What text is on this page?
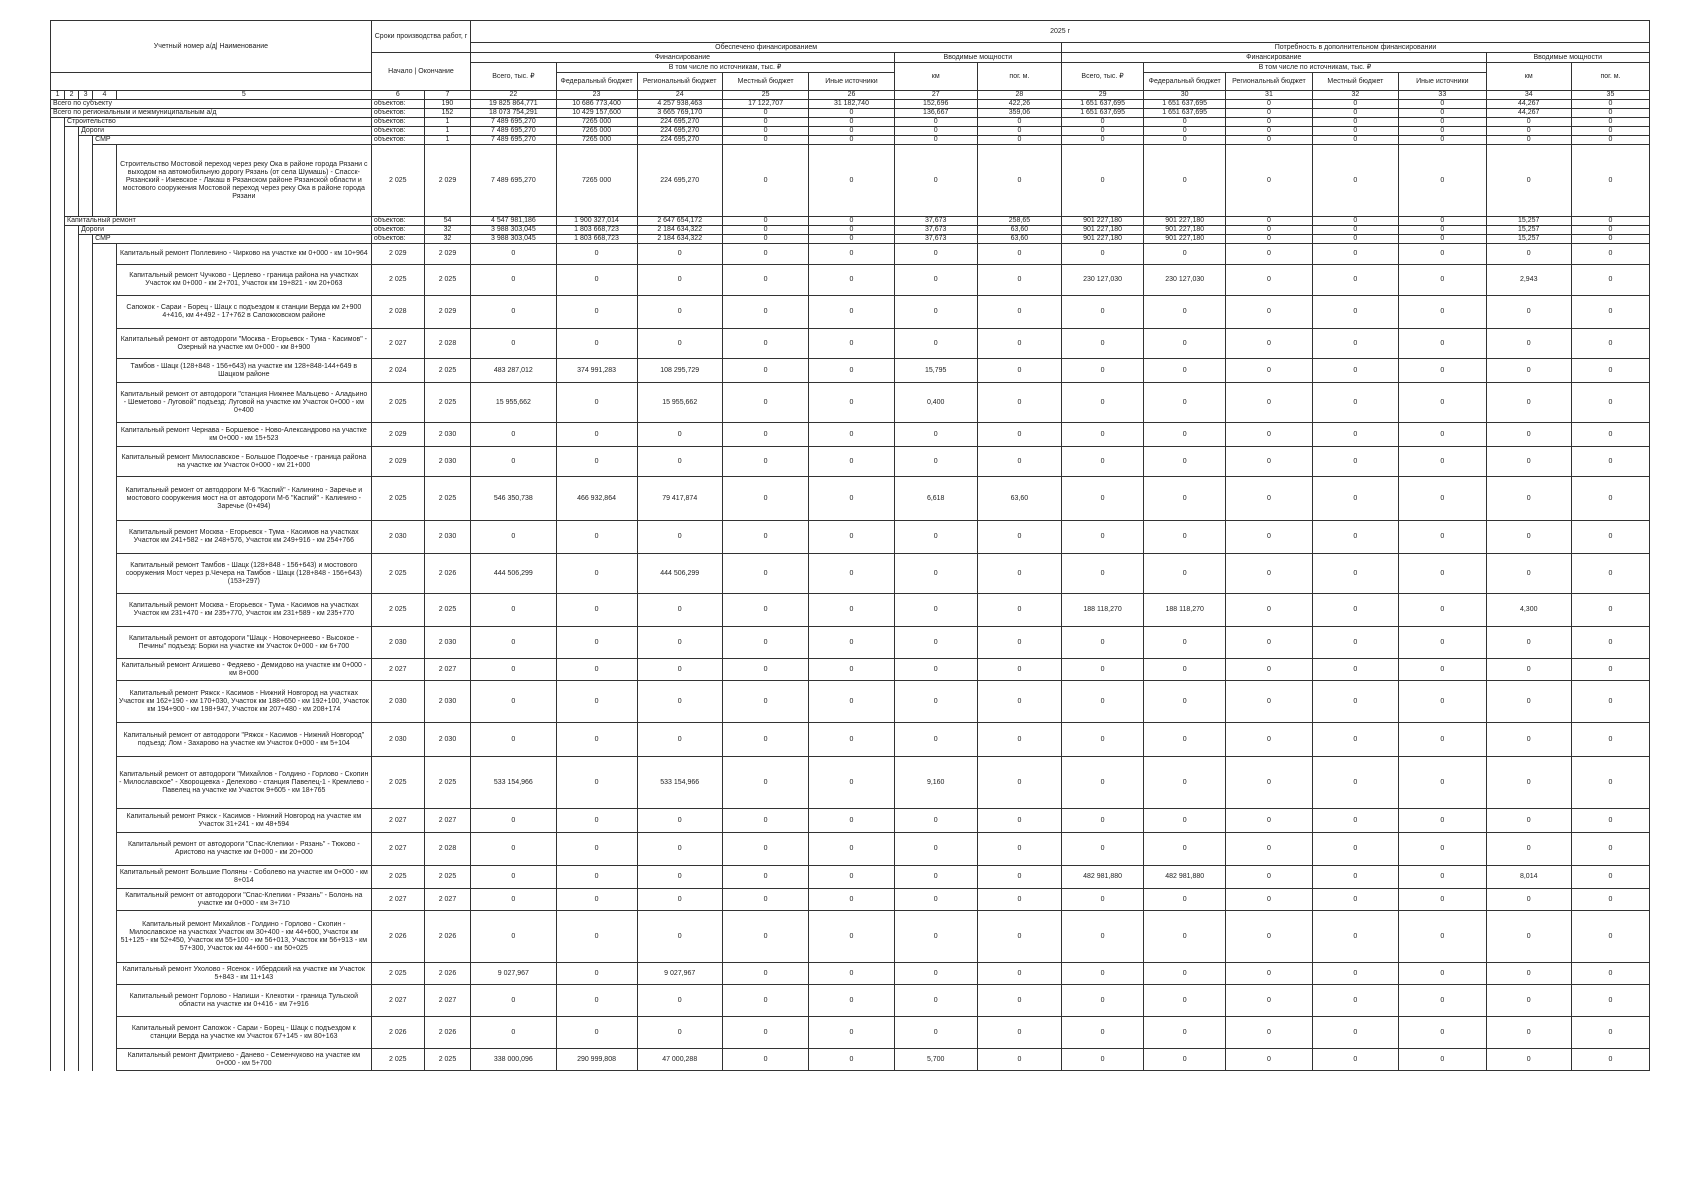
Учетный номер а/д| Наименование					Сроки производства работ, г		2025 г													
							Обеспечено финансированием							Потребность в дополнительном финансировании						
					Начало | Окончание		Финансирование					Вводимые мощности		Финансирование					Вводимые мощности	
							Всего, тыс. ₽	В том числе по источникам, тыс. ₽				км	пог. м.	Всего, тыс. ₽	В том числе по источникам, тыс. ₽				км	пог. м.
								Федеральный бюджет	Региональный бюджет	Местный бюджет	Иные источники				Федеральный бюджет	Региональный бюджет	Местный бюджет	Иные источники		
1	2	3	4	5	6	7	22	23	24	25	26	27	28	29	30	31	32	33	34	35
Всего по субъекту					объектов:	190	19 825 864,771	10 686 773,400	4 257 938,463	17 122,707	31 182,740	152,696	422,26	1 651 637,695	1 651 637,695	0	0	0	44,267	0
Всего по региональным и межмуниципальным а/д					объектов:	152	18 073 754,291	10 429 157,600	3 665 769,170	0	0	136,667	359,06	1 651 637,695	1 651 637,695	0	0	0	44,267	0
	Строительство				объектов:	1	7 489 695,270	7265 000	224 695,270	0	0	0	0	0	0	0	0	0	0	0
		Дороги			объектов:	1	7 489 695,270	7265 000	224 695,270	0	0	0	0	0	0	0	0	0	0	0
			СМР		объектов:	1	7 489 695,270	7265 000	224 695,270	0	0	0	0	0	0	0	0	0	0	0
				Строительство Мостовой переход через реку Ока в районе города Рязани с выходом на автомобильную дорогу Рязань (от села Шумашь) - Спасск-Рязанский - Ижевское - Лакаш в Рязанском районе Рязанской области и мостового сооружения Мостовой переход через реку Ока в районе города Рязани	2 025	2 029	7 489 695,270	7265 000	224 695,270	0	0	0	0	0	0	0	0	0	0	0
	Капитальный ремонт				объектов:	54	4 547 981,186	1 900 327,014	2 647 654,172	0	0	37,673	258,65	901 227,180	901 227,180	0	0	0	15,257	0
		Дороги			объектов:	32	3 988 303,045	1 803 668,723	2 184 634,322	0	0	37,673	63,60	901 227,180	901 227,180	0	0	0	15,257	0
			СМР		объектов:	32	3 988 303,045	1 803 668,723	2 184 634,322	0	0	37,673	63,60	901 227,180	901 227,180	0	0	0	15,257	0
				Капитальный ремонт Поллевино - Чирково на участке км 0+000 - км 10+964	2 029	2 029	0	0	0	0	0	0	0	0	0	0	0	0	0	0
				Капитальный ремонт Чучково - Церлево - граница района на участках Участок км 0+000 - км 2+701, Участок км 19+821 - км 20+063	2 025	2 025	0	0	0	0	0	0	0	230 127,030	230 127,030	0	0	0	2,943	0
				Сапожок - Сараи - Борец - Шацк с подъездом к станции Верда км 2+900 4+416, км 4+492 - 17+762 в Сапожковском районе	2 028	2 029	0	0	0	0	0	0	0	0	0	0	0	0	0	0
				Капитальный ремонт от автодороги "Москва - Егорьевск - Тума - Касимов" - Озерный на участке км 0+000 - км 8+900	2 027	2 028	0	0	0	0	0	0	0	0	0	0	0	0	0	0
				Тамбов - Шацк (128+848 - 156+643) на участке км 128+848-144+649 в Шацком районе	2 024	2 025	483 287,012	374 991,283	108 295,729	0	0	15,795	0	0	0	0	0	0	0	0
				Капитальный ремонт от автодороги "станция Нижнее Мальцево - Аладьино - Шеметово - Луговой" подъезд: Луговой на участке км Участок 0+000 - км 0+400	2 025	2 025	15 955,662	0	15 955,662	0	0	0,400	0	0	0	0	0	0	0	0
				Капитальный ремонт Чернава - Боршевое - Ново-Александрово на участке км 0+000 - км 15+523	2 029	2 030	0	0	0	0	0	0	0	0	0	0	0	0	0	0
				Капитальный ремонт Милославское - Большое Подоечье - граница района на участке км Участок 0+000 - км 21+000	2 029	2 030	0	0	0	0	0	0	0	0	0	0	0	0	0	0
				Капитальный ремонт от автодороги М-6 "Каспий" - Калинино - Заречье и мостового сооружения мост на от автодороги М-6 "Каспий" - Калинино - Заречье (0+494)	2 025	2 025	546 350,738	466 932,864	79 417,874	0	0	6,618	63,60	0	0	0	0	0	0	0
				Капитальный ремонт Москва - Егорьевск - Тума - Касимов на участках Участок км 241+582 - км 248+576, Участок км 249+916 - км 254+766	2 030	2 030	0	0	0	0	0	0	0	0	0	0	0	0	0	0
				Капитальный ремонт Тамбов - Шацк (128+848 - 156+643) и мостового сооружения Мост через р.Чечера на Тамбов - Шацк (128+848 - 156+643) (153+297)	2 025	2 026	444 506,299	0	444 506,299	0	0	0	0	0	0	0	0	0	0	0
				Капитальный ремонт Москва - Егорьевск - Тума - Касимов на участках Участок км 231+470 - км 235+770, Участок км 231+589 - км 235+770	2 025	2 025	0	0	0	0	0	0	0	188 118,270	188 118,270	0	0	0	4,300	0
				Капитальный ремонт от автодороги "Шацк - Новочернеево - Высокое - Печины" подъезд: Борки на участке км Участок 0+000 - км 6+700	2 030	2 030	0	0	0	0	0	0	0	0	0	0	0	0	0	0
				Капитальный ремонт Агишево - Федяево - Демидово на участке км 0+000 - км 8+000	2 027	2 027	0	0	0	0	0	0	0	0	0	0	0	0	0	0
				Капитальный ремонт Ряжск - Касимов - Нижний Новгород на участках Участок км 162+190 - км 170+030, Участок км 188+650 - км 192+100, Участок км 194+900 - км 198+947, Участок км 207+480 - км 208+174	2 030	2 030	0	0	0	0	0	0	0	0	0	0	0	0	0	0
				Капитальный ремонт от автодороги "Ряжск - Касимов - Нижний Новгород" подъезд: Лом - Захарово на участке км Участок 0+000 - км 5+104	2 030	2 030	0	0	0	0	0	0	0	0	0	0	0	0	0	0
				Капитальный ремонт от автодороги "Михайлов - Голдино - Горлово - Скопин - Милославское" - Хворощевка - Делехово - станция Павелец-1 - Кремлево - Павелец на участке км Участок 9+605 - км 18+765	2 025	2 025	533 154,966	0	533 154,966	0	0	9,160	0	0	0	0	0	0	0	0
				Капитальный ремонт Ряжск - Касимов - Нижний Новгород на участке км Участок 31+241 - км 48+594	2 027	2 027	0	0	0	0	0	0	0	0	0	0	0	0	0	0
				Капитальный ремонт от автодороги "Спас-Клепики - Рязань" - Тюково - Аристово на участке км 0+000 - км 20+000	2 027	2 028	0	0	0	0	0	0	0	0	0	0	0	0	0	0
				Капитальный ремонт Большие Поляны - Соболево на участке км 0+000 - км 8+014	2 025	2 025	0	0	0	0	0	0	0	482 981,880	482 981,880	0	0	0	8,014	0
				Капитальный ремонт от автодороги "Спас-Клепики - Рязань" - Болонь на участке км 0+000 - км 3+710	2 027	2 027	0	0	0	0	0	0	0	0	0	0	0	0	0	0
				Капитальный ремонт Михайлов - Голдино - Горлово - Скопин - Милославское на участках Участок км 30+400 - км 44+600, Участок км 51+125 - км 52+450, Участок км 55+100 - км 56+013, Участок км 56+913 - км 57+300, Участок км 44+600 - км 50+025	2 026	2 026	0	0	0	0	0	0	0	0	0	0	0	0	0	0
				Капитальный ремонт Ухолово - Ясенок - Ибердский на участке км Участок 5+843 - км 11+143	2 025	2 026	9 027,967	0	9 027,967	0	0	0	0	0	0	0	0	0	0	0
				Капитальный ремонт Горлово - Напиши - Клекотки - граница Тульской области на участке км 0+416 - км 7+916	2 027	2 027	0	0	0	0	0	0	0	0	0	0	0	0	0	0
				Капитальный ремонт Сапожок - Сараи - Борец - Шацк с подъездом к станции Верда на участке км Участок 67+145 - км 80+163	2 026	2 026	0	0	0	0	0	0	0	0	0	0	0	0	0	0
				Капитальный ремонт Дмитриево - Данево - Семенчуково на участке км 0+000 - км 5+700	2 025	2 025	338 000,096	290 999,808	47 000,288	0	0	5,700	0	0	0	0	0	0	0	0
